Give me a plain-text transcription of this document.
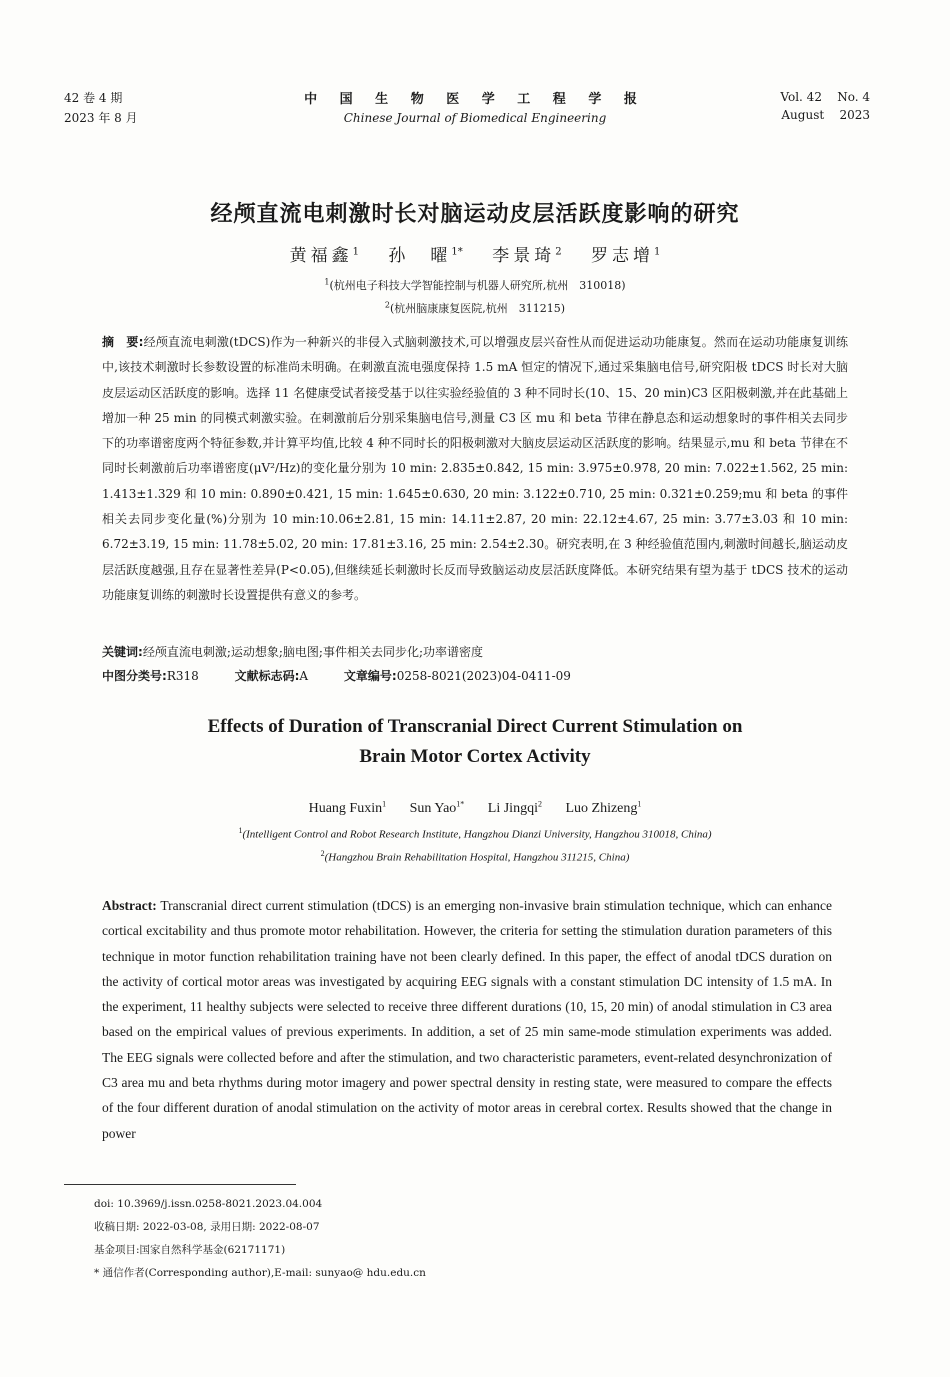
42 卷 4 期
2023 年 8 月
中 国 生 物 医 学 工 程 学 报
Chinese Journal of Biomedical Engineering
Vol. 42 No. 4
August 2023
经颅直流电刺激时长对脑运动皮层活跃度影响的研究
黄福鑫$^1$ 孙　曜$^{1*}$ 李景琦$^2$ 罗志增$^1$
$^1$(杭州电子科技大学智能控制与机器人研究所,杭州　310018)
$^2$(杭州脑康康复医院,杭州　311215)
摘　要:经颅直流电刺激(tDCS)作为一种新兴的非侵入式脑刺激技术,可以增强皮层兴奋性从而促进运动功能康复。然而在运动功能康复训练中,该技术刺激时长参数设置的标准尚未明确。在刺激直流电强度保持 1.5 mA 恒定的情况下,通过采集脑电信号,研究阳极 tDCS 时长对大脑皮层运动区活跃度的影响。选择 11 名健康受试者接受基于以往实验经验值的 3 种不同时长(10、15、20 min)C3 区阳极刺激,并在此基础上增加一种 25 min 的同模式刺激实验。在刺激前后分别采集脑电信号,测量 C3 区 mu 和 beta 节律在静息态和运动想象时的事件相关去同步下的功率谱密度两个特征参数,并计算平均值,比较 4 种不同时长的阳极刺激对大脑皮层运动区活跃度的影响。结果显示,mu 和 beta 节律在不同时长刺激前后功率谱密度(μV²/Hz)的变化量分别为 10 min: 2.835±0.842, 15 min: 3.975±0.978, 20 min: 7.022±1.562, 25 min: 1.413±1.329 和 10 min: 0.890±0.421, 15 min: 1.645±0.630, 20 min: 3.122±0.710, 25 min: 0.321±0.259;mu 和 beta 的事件相关去同步变化量(%)分别为 10 min:10.06±2.81, 15 min: 14.11±2.87, 20 min: 22.12±4.67, 25 min: 3.77±3.03 和 10 min: 6.72±3.19, 15 min: 11.78±5.02, 20 min: 17.81±3.16, 25 min: 2.54±2.30。研究表明,在 3 种经验值范围内,刺激时间越长,脑运动皮层活跃度越强,且存在显著性差异(P<0.05),但继续延长刺激时长反而导致脑运动皮层活跃度降低。本研究结果有望为基于 tDCS 技术的运动功能康复训练的刺激时长设置提供有意义的参考。
关键词:经颅直流电刺激;运动想象;脑电图;事件相关去同步化;功率谱密度
中图分类号:R318	文献标志码:A	文章编号:0258-8021(2023)04-0411-09
Effects of Duration of Transcranial Direct Current Stimulation on
Brain Motor Cortex Activity
Huang Fuxin$^1$ Sun Yao$^{1*}$ Li Jingqi$^2$ Luo Zhizeng$^1$
$^1$(Intelligent Control and Robot Research Institute, Hangzhou Dianzi University, Hangzhou 310018, China)
$^2$(Hangzhou Brain Rehabilitation Hospital, Hangzhou 311215, China)
Abstract: Transcranial direct current stimulation (tDCS) is an emerging non-invasive brain stimulation technique, which can enhance cortical excitability and thus promote motor rehabilitation. However, the criteria for setting the stimulation duration parameters of this technique in motor function rehabilitation training have not been clearly defined. In this paper, the effect of anodal tDCS duration on the activity of cortical motor areas was investigated by acquiring EEG signals with a constant stimulation DC intensity of 1.5 mA. In the experiment, 11 healthy subjects were selected to receive three different durations (10, 15, 20 min) of anodal stimulation in C3 area based on the empirical values of previous experiments. In addition, a set of 25 min same-mode stimulation experiments was added. The EEG signals were collected before and after the stimulation, and two characteristic parameters, event-related desynchronization of C3 area mu and beta rhythms during motor imagery and power spectral density in resting state, were measured to compare the effects of the four different duration of anodal stimulation on the activity of motor areas in cerebral cortex. Results showed that the change in power
doi: 10.3969/j.issn.0258-8021.2023.04.004
收稿日期: 2022-03-08, 录用日期: 2022-08-07
基金项目:国家自然科学基金(62171171)
* 通信作者(Corresponding author),E-mail: sunyao@ hdu.edu.cn
